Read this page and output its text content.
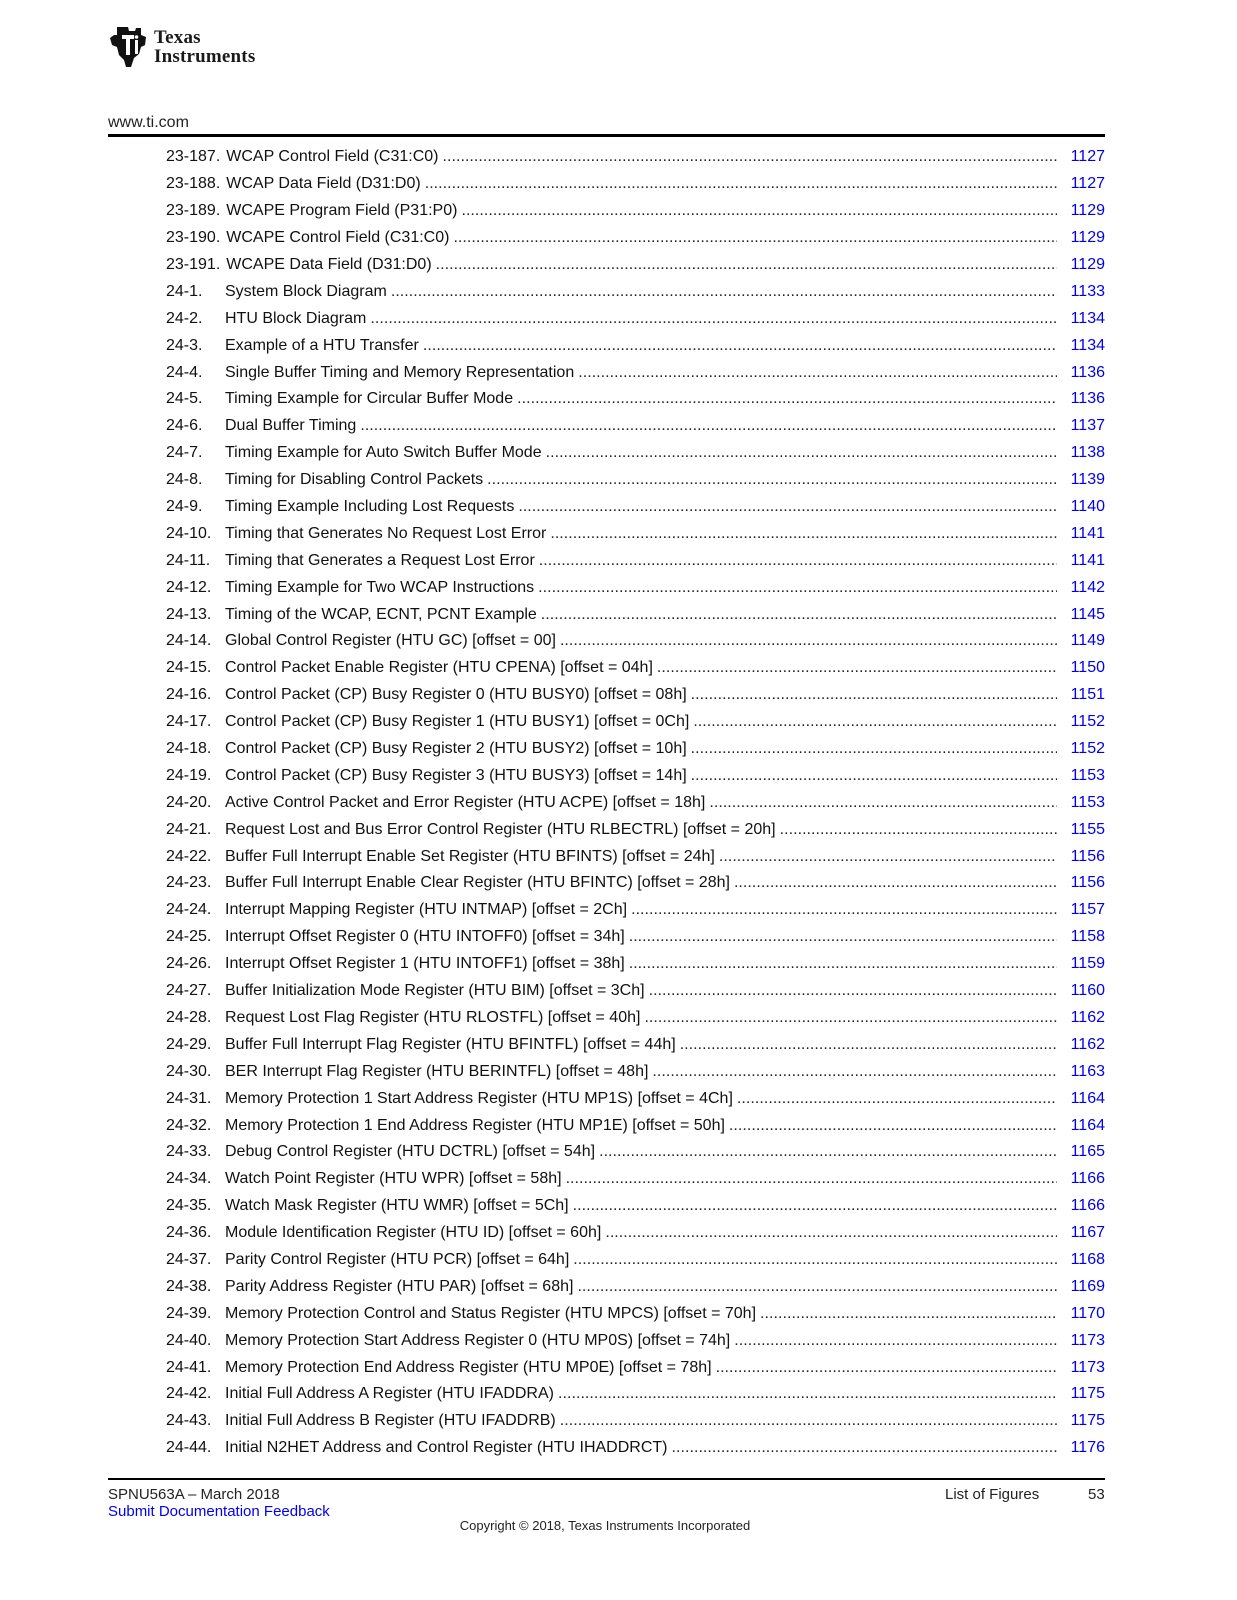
Texas
Instruments
www.ti.com
23-187. WCAP Control Field (C31:C0) . . .	1127
23-188. WCAP Data Field (D31:D0) . . .	1127
23-189. WCAPE Program Field (P31:P0) . . .	1129
23-190. WCAPE Control Field (C31:C0) . . .	1129
23-191. WCAPE Data Field (D31:D0) . . .	1129
24-1.	System Block Diagram . . .	1133
24-2.	HTU Block Diagram . . .	1134
24-3.	Example of a HTU Transfer . . .	1134
24-4.	Single Buffer Timing and Memory Representation . . .	1136
24-5.	Timing Example for Circular Buffer Mode . . .	1136
24-6.	Dual Buffer Timing . . .	1137
24-7.	Timing Example for Auto Switch Buffer Mode . . .	1138
24-8.	Timing for Disabling Control Packets . . .	1139
24-9.	Timing Example Including Lost Requests . . .	1140
24-10. Timing that Generates No Request Lost Error . . .	1141
24-11. Timing that Generates a Request Lost Error . . .	1141
24-12. Timing Example for Two WCAP Instructions . . .	1142
24-13. Timing of the WCAP, ECNT, PCNT Example . . .	1145
24-14. Global Control Register (HTU GC) [offset = 00] . . .	1149
24-15. Control Packet Enable Register (HTU CPENA) [offset = 04h] . . .	1150
24-16. Control Packet (CP) Busy Register 0 (HTU BUSY0) [offset = 08h] . . .	1151
24-17. Control Packet (CP) Busy Register 1 (HTU BUSY1) [offset = 0Ch] . . .	1152
24-18. Control Packet (CP) Busy Register 2 (HTU BUSY2) [offset = 10h] . . .	1152
24-19. Control Packet (CP) Busy Register 3 (HTU BUSY3) [offset = 14h] . . .	1153
24-20. Active Control Packet and Error Register (HTU ACPE) [offset = 18h] . . .	1153
24-21. Request Lost and Bus Error Control Register (HTU RLBECTRL) [offset = 20h] . . .	1155
24-22. Buffer Full Interrupt Enable Set Register (HTU BFINTS) [offset = 24h] . . .	1156
24-23. Buffer Full Interrupt Enable Clear Register (HTU BFINTC) [offset = 28h] . . .	1156
24-24. Interrupt Mapping Register (HTU INTMAP) [offset = 2Ch] . . .	1157
24-25. Interrupt Offset Register 0 (HTU INTOFF0) [offset = 34h] . . .	1158
24-26. Interrupt Offset Register 1 (HTU INTOFF1) [offset = 38h] . . .	1159
24-27. Buffer Initialization Mode Register (HTU BIM) [offset = 3Ch] . . .	1160
24-28. Request Lost Flag Register (HTU RLOSTFL) [offset = 40h] . . .	1162
24-29. Buffer Full Interrupt Flag Register (HTU BFINTFL) [offset = 44h] . . .	1162
24-30. BER Interrupt Flag Register (HTU BERINTFL) [offset = 48h] . . .	1163
24-31. Memory Protection 1 Start Address Register (HTU MP1S) [offset = 4Ch] . . .	1164
24-32. Memory Protection 1 End Address Register (HTU MP1E) [offset = 50h] . . .	1164
24-33. Debug Control Register (HTU DCTRL) [offset = 54h] . . .	1165
24-34. Watch Point Register (HTU WPR) [offset = 58h] . . .	1166
24-35. Watch Mask Register (HTU WMR) [offset = 5Ch] . . .	1166
24-36. Module Identification Register (HTU ID) [offset = 60h] . . .	1167
24-37. Parity Control Register (HTU PCR) [offset = 64h] . . .	1168
24-38. Parity Address Register (HTU PAR) [offset = 68h] . . .	1169
24-39. Memory Protection Control and Status Register (HTU MPCS) [offset = 70h] . . .	1170
24-40. Memory Protection Start Address Register 0 (HTU MP0S) [offset = 74h] . . .	1173
24-41. Memory Protection End Address Register (HTU MP0E) [offset = 78h] . . .	1173
24-42. Initial Full Address A Register (HTU IFADDRA) . . .	1175
24-43. Initial Full Address B Register (HTU IFADDRB) . . .	1175
24-44. Initial N2HET Address and Control Register (HTU IHADDRCT) . . .	1176
SPNU563A – March 2018
Submit Documentation Feedback
List of Figures	53
Copyright © 2018, Texas Instruments Incorporated
